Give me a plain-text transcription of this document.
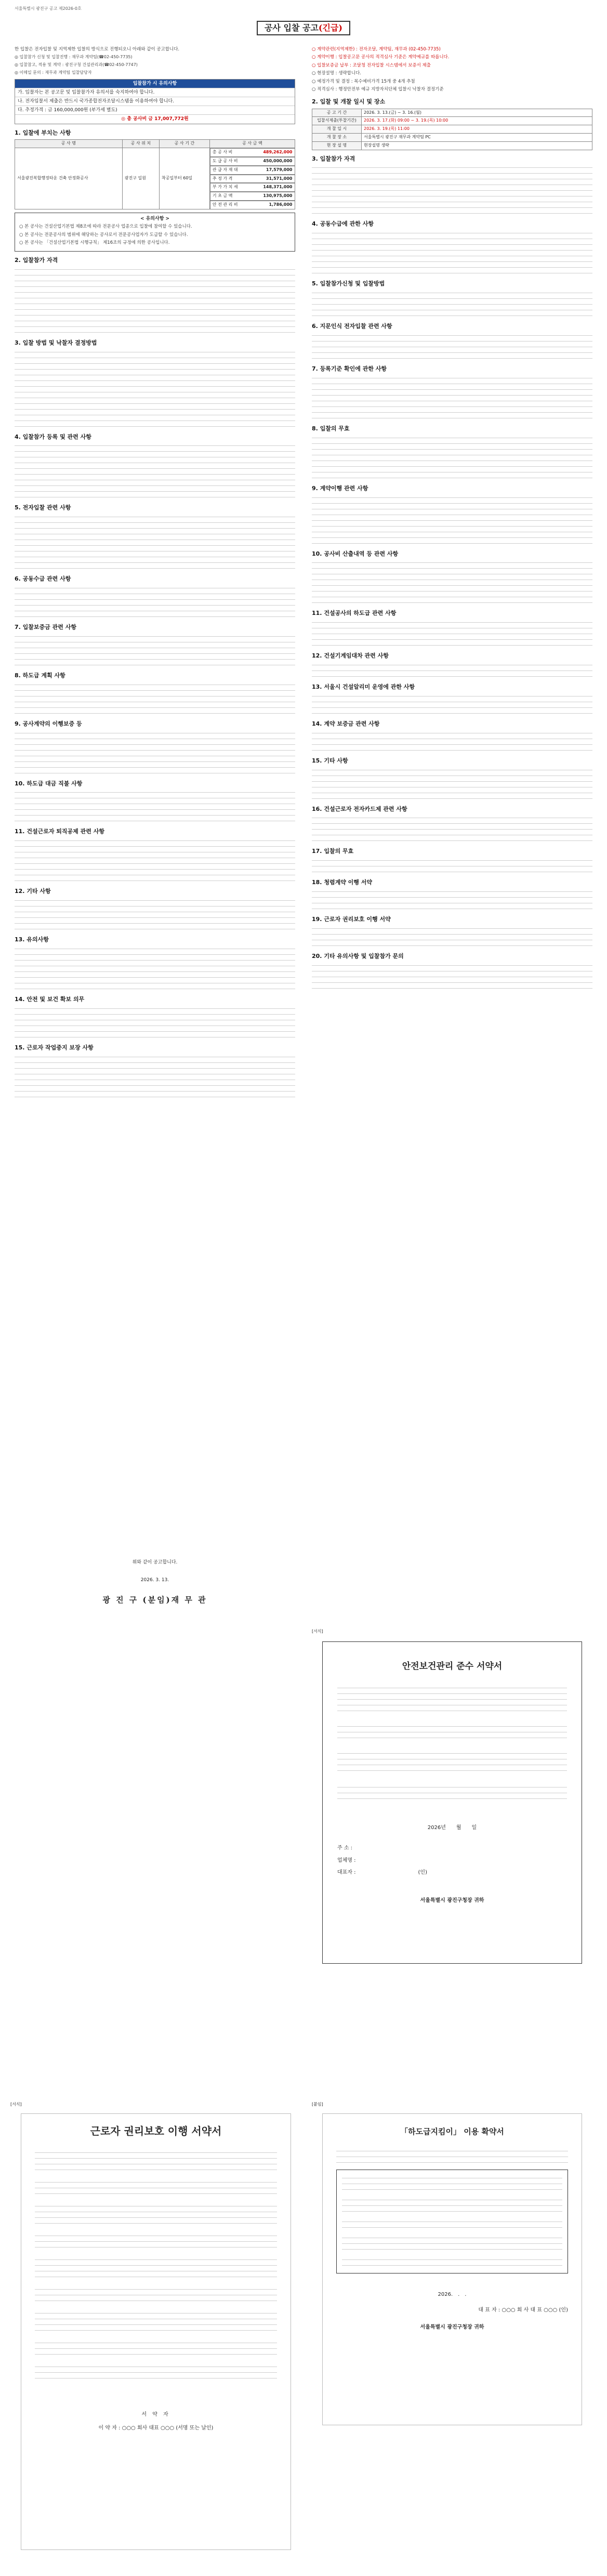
서울특별시 광진구 공고 제2026-0호
공사 입찰 공고 (긴급)
한 입찰은 전자입찰 및 지역제한 입찰의 방식으로 진행되오니 아래와 같이 공고합니다.
◎ 입찰참가 신청 및 입찰진행 : 재무과 계약팀(☎02-450-7735)
◎ 입찰참고, 적용 및 계약 : 광진구청 건설관리과(☎02-450-7747)
◎ 이메일 문의 : 재무과 계약팀 입찰담당자
입찰참가 시 유의사항
가. 입찰자는 본 공고문 및 입찰참가자 유의서를 숙지하여야 합니다.
나. 전자입찰서 제출은 반드시 국가종합전자조달시스템을 이용하여야 합니다.
다. 추정가격 : 금 160,000,000원 (부가세 별도)
◎ 총 공사비 금 17,007,772원
1. 입찰에 부치는 사항
공 사 명	공 사 위 치	공 사 기 간	공 사 금 액
서울광진복합행정타운 건축 안정화공사	광진구 일원	착공일부터 60일	
총 공 사 비	489,262,000

도 급 공 사 비	450,000,000

관 급 자 재 대	17,579,000

추 정 가 격	31,571,000

부 가 가 치 세	148,371,000

기 초 금 액	130,975,000

안 전 관 리 비	1,786,000
< 유의사항 >
○ 본 공사는 건설산업기본법 제8조에 따라 전문공사 업종으로 입찰에 참여할 수 있습니다.
○ 본 공사는 전문공사의 범위에 해당하는 공사로서 전문공사업자가 도급할 수 있습니다.
○ 본 공사는 「건설산업기본법 시행규칙」 제16조의 규정에 의한 공사입니다.
2. 입찰참가 자격
3. 입찰 방법 및 낙찰자 결정방법
4. 입찰참가 등록 및 관련 사항
5. 전자입찰 관련 사항
6. 공동수급 관련 사항
7. 입찰보증금 관련 사항
8. 하도급 계획 사항
9. 공사계약의 이행보증 등
10. 하도급 대금 직불 사항
11. 건설근로자 퇴직공제 관련 사항
12. 기타 사항
13. 유의사항
14. 안전 및 보건 확보 의무
15. 근로자 작업중지 보장 사항
○ 계약관련(지역제한) : 전자조달, 계약팀, 재무과 (02-450-7735)
○ 계약이행 : 입찰공고문 공사의 적격심사 기준은 계약예규를 따릅니다.
○ 입찰보증금 납부 : 조달청 전자입찰 시스템에서 보증서 제출
○ 현장설명 : 생략합니다.
○ 예정가격 및 결정 : 복수예비가격 15개 중 4개 추첨
○ 적격심사 : 행정안전부 예규 지방자치단체 입찰시 낙찰자 결정기준
2. 입찰 및 개찰 일시 및 장소
공 고 기 간	2026. 3. 13.(금) ~ 3. 16.(월)
입찰서제출(투찰기간)	2026. 3. 17.(화) 09:00 ~ 3. 19.(목) 10:00
개 찰 일 시	2026. 3. 19.(목) 11:00
개 찰 장 소	서울특별시 광진구 재무과 계약팀 PC
현 장 설 명	현장설명 생략
3. 입찰참가 자격
4. 공동수급에 관한 사항
5. 입찰참가신청 및 입찰방법
6. 지문인식 전자입찰 관련 사항
7. 등록기준 확인에 관한 사항
8. 입찰의 무효
9. 계약이행 관련 사항
10. 공사비 산출내역 등 관련 사항
11. 건설공사의 하도급 관련 사항
12. 건설기계임대차 관련 사항
13. 서울시 건설알리미 운영에 관한 사항
14. 계약 보증금 관련 사항
15. 기타 사항
16. 건설근로자 전자카드제 관련 사항
17. 입찰의 무효
18. 청렴계약 이행 서약
19. 근로자 권리보호 이행 서약
20. 기타 유의사항 및 입찰참가 문의
위와 같이 공고합니다.
2026. 3. 13.
광 진 구 (분임)재 무 관
[서식]
안전보건관리 준수 서약서
2026년　　월　　일
주 소 :
업체명 :
대표자 :	(인)
서울특별시 광진구청장 귀하
[서식]
근로자 권리보호 이행 서약서
서 약 자
이 약 자 : ○○○ 회사 대표 ○○○ (서명 또는 날인)
[붙임]
「하도급지킴이」 이용 확약서
2026.　.　.
대 표 자 : ○○○ 회 사 대 표 ○○○ (인)
서울특별시 광진구청장 귀하
